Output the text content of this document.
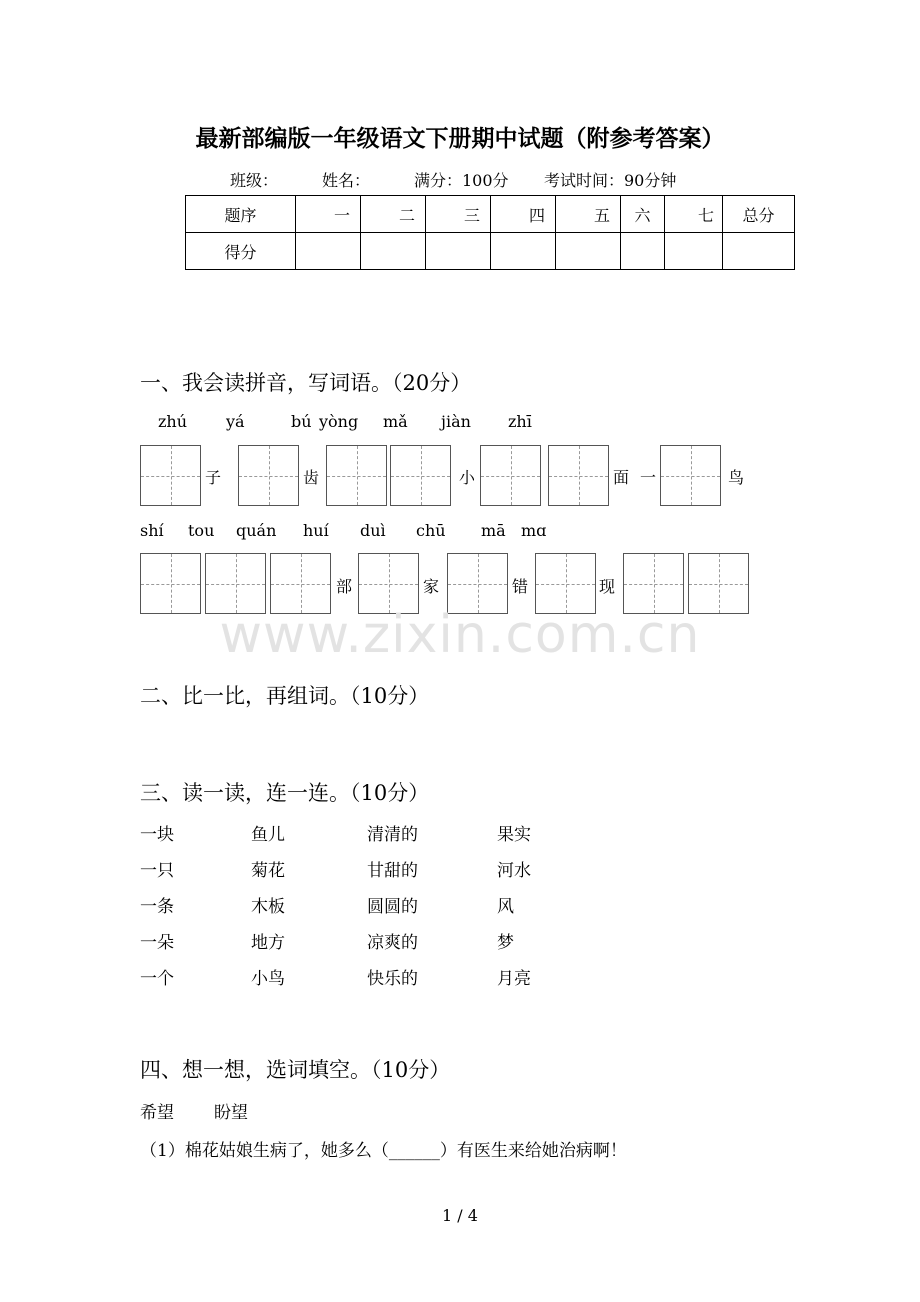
最新部编版一年级语文下册期中试题（附参考答案）
班级：	姓名：	满分：100分 考试时间：90分钟
题序	一	二	三	四	五	六	七	总分
得分								
一、我会读拼音，写词语。（20分）
zhú yá	bú yòng mǎ jiàn zhī
子	齿	小	面 一	鸟
shí tou quán huí duì chū mā mɑ
部	家	错	现
www.zixin.com.cn
二、比一比，再组词。（10分）
三、读一读，连一连。（10分）
一块	鱼儿	清清的	果实
一只	菊花	甘甜的	河水
一条	木板	圆圆的	风
一朵	地方	凉爽的	梦
一个	小鸟	快乐的	月亮
四、想一想，选词填空。（10分）
希望 盼望
（1）棉花姑娘生病了，她多么（______）有医生来给她治病啊！
1 / 4
